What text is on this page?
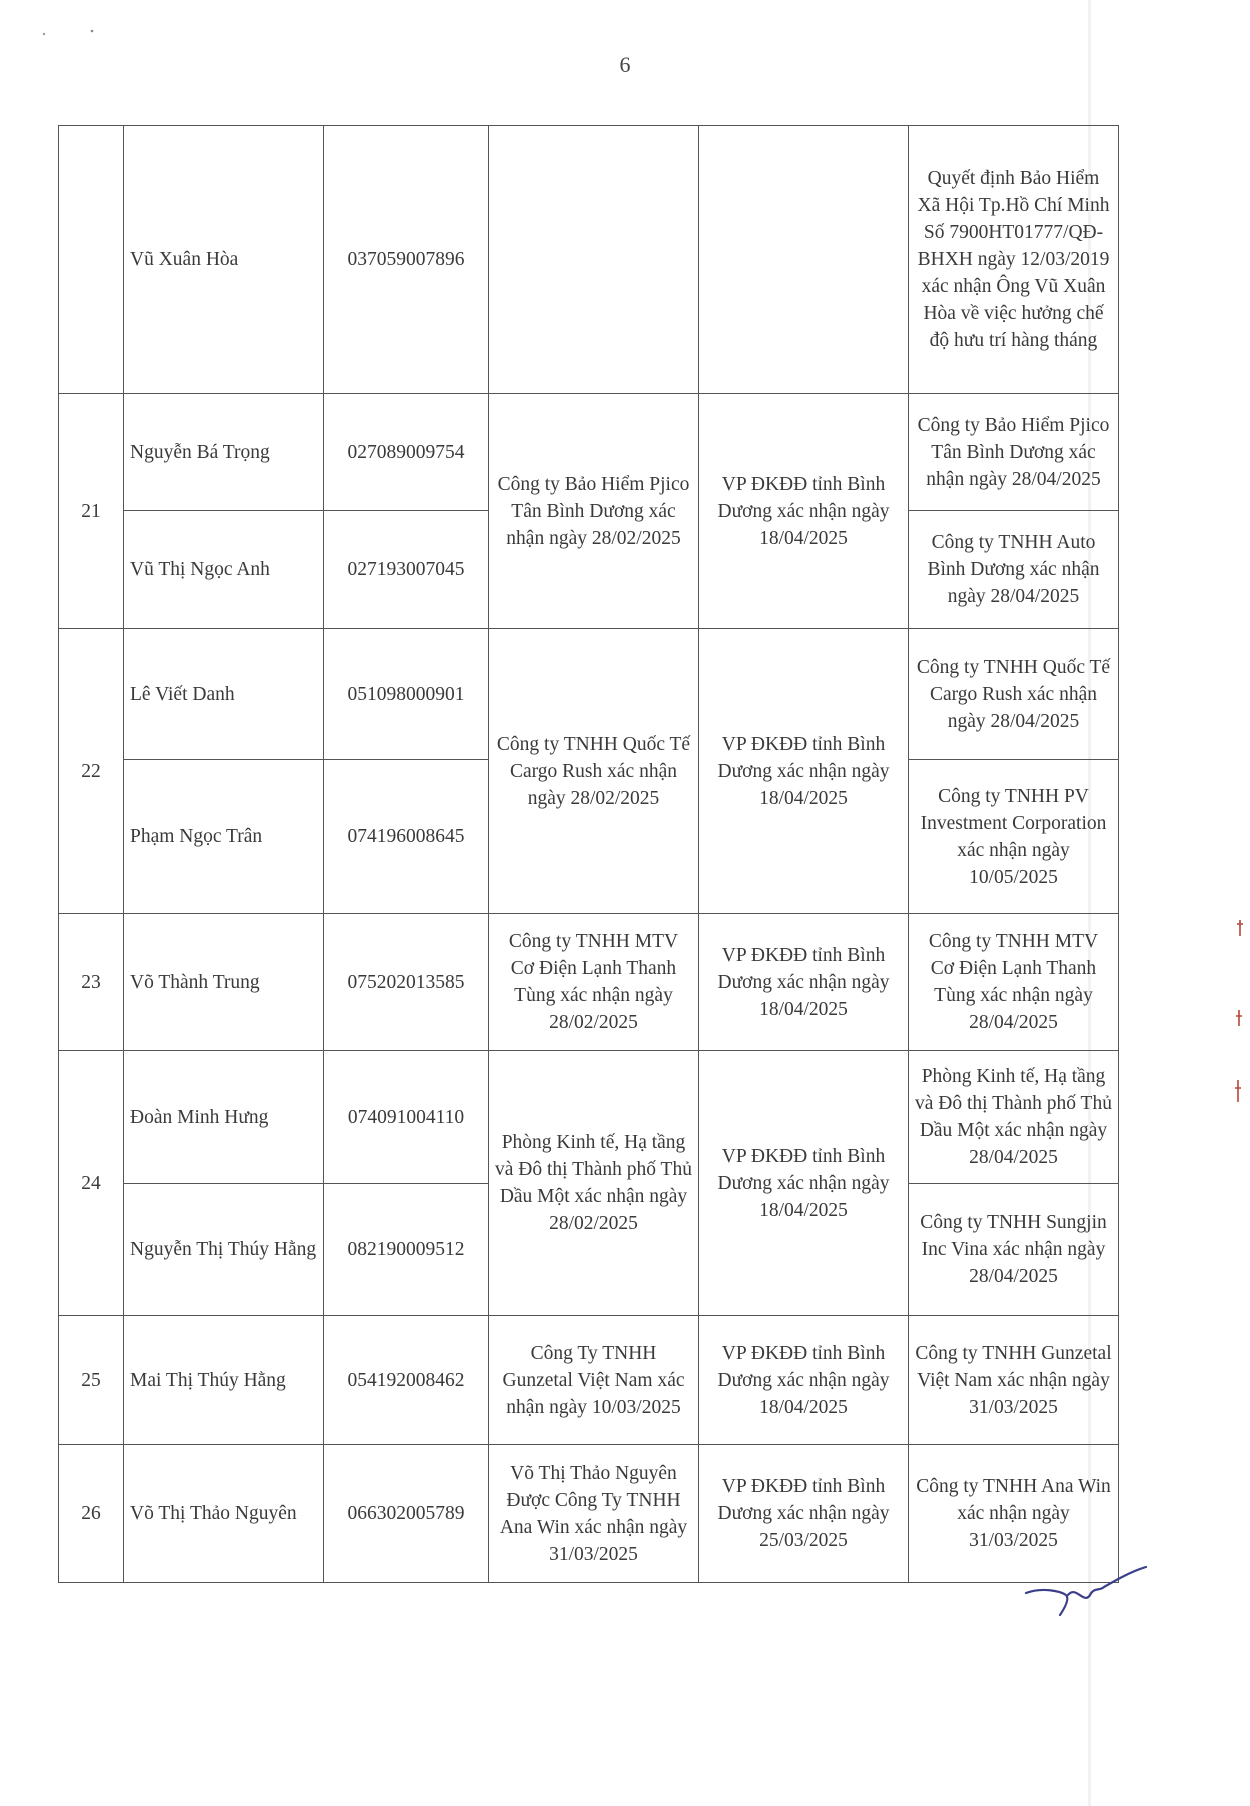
6
	Vũ Xuân Hòa	037059007896			Quyết định Bảo Hiểm Xã Hội Tp.Hồ Chí Minh Số 7900HT01777/QĐ-BHXH ngày 12/03/2019 xác nhận Ông Vũ Xuân Hòa về việc hưởng chế độ hưu trí hàng tháng
21	Nguyễn Bá Trọng	027089009754	Công ty Bảo Hiểm Pjico Tân Bình Dương xác nhận ngày 28/02/2025	VP ĐKĐĐ tỉnh Bình Dương xác nhận ngày 18/04/2025	Công ty Bảo Hiểm Pjico Tân Bình Dương xác nhận ngày 28/04/2025
	Vũ Thị Ngọc Anh	027193007045			Công ty TNHH Auto Bình Dương xác nhận ngày 28/04/2025
22	Lê Viết Danh	051098000901	Công ty TNHH Quốc Tế Cargo Rush xác nhận ngày 28/02/2025	VP ĐKĐĐ tỉnh Bình Dương xác nhận ngày 18/04/2025	Công ty TNHH Quốc Tế Cargo Rush xác nhận ngày 28/04/2025
	Phạm Ngọc Trân	074196008645			Công ty TNHH PV Investment Corporation xác nhận ngày 10/05/2025
23	Võ Thành Trung	075202013585	Công ty TNHH MTV Cơ Điện Lạnh Thanh Tùng xác nhận ngày 28/02/2025	VP ĐKĐĐ tỉnh Bình Dương xác nhận ngày 18/04/2025	Công ty TNHH MTV Cơ Điện Lạnh Thanh Tùng xác nhận ngày 28/04/2025
24	Đoàn Minh Hưng	074091004110	Phòng Kinh tế, Hạ tầng và Đô thị Thành phố Thủ Dầu Một xác nhận ngày 28/02/2025	VP ĐKĐĐ tỉnh Bình Dương xác nhận ngày 18/04/2025	Phòng Kinh tế, Hạ tầng và Đô thị Thành phố Thủ Dầu Một xác nhận ngày 28/04/2025
	Nguyễn Thị Thúy Hằng	082190009512			Công ty TNHH Sungjin Inc Vina xác nhận ngày 28/04/2025
25	Mai Thị Thúy Hằng	054192008462	Công Ty TNHH Gunzetal Việt Nam xác nhận ngày 10/03/2025	VP ĐKĐĐ tỉnh Bình Dương xác nhận ngày 18/04/2025	Công ty TNHH Gunzetal Việt Nam xác nhận ngày 31/03/2025
26	Võ Thị Thảo Nguyên	066302005789	Võ Thị Thảo Nguyên Được Công Ty TNHH Ana Win xác nhận ngày 31/03/2025	VP ĐKĐĐ tỉnh Bình Dương xác nhận ngày 25/03/2025	Công ty TNHH Ana Win xác nhận ngày 31/03/2025
